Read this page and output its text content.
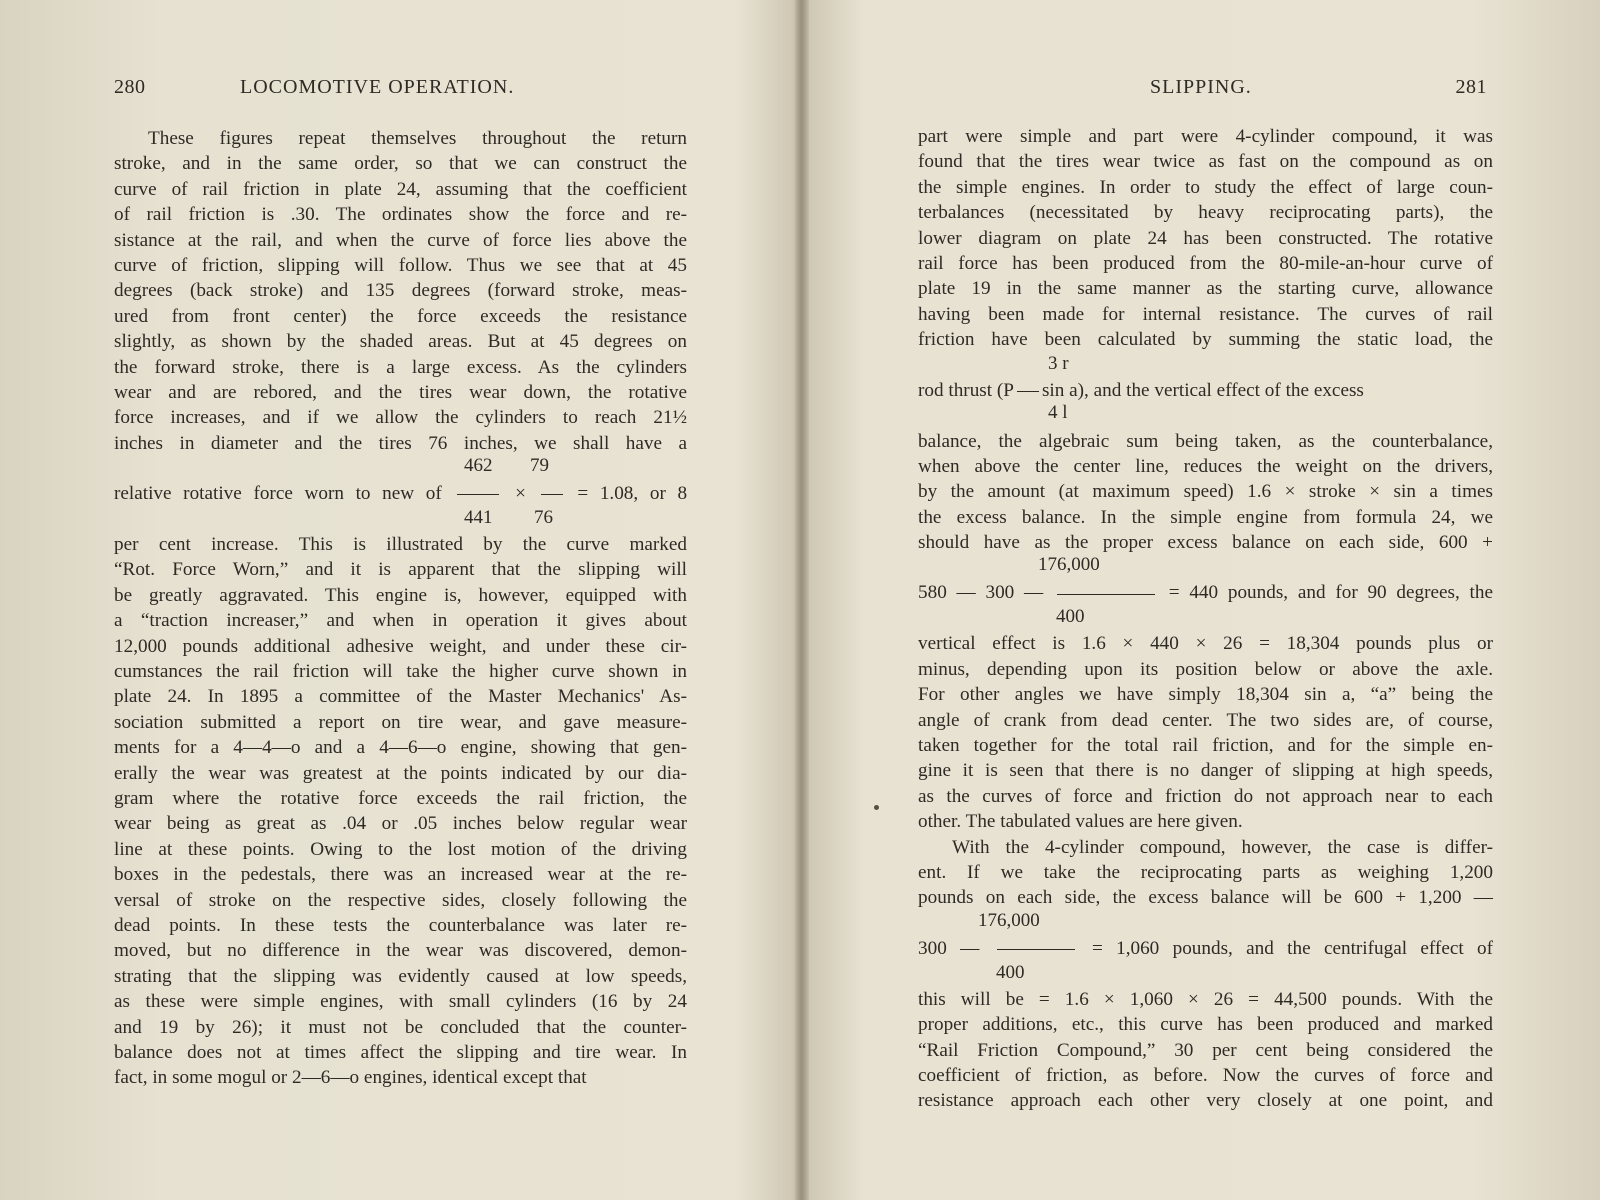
280	LOCOMOTIVE OPERATION.
These figures repeat themselves throughout the return
stroke, and in the same order, so that we can construct the
curve of rail friction in plate 24, assuming that the coefficient
of rail friction is .30. The ordinates show the force and re-
sistance at the rail, and when the curve of force lies above the
curve of friction, slipping will follow. Thus we see that at 45
degrees (back stroke) and 135 degrees (forward stroke, meas-
ured from front center) the force exceeds the resistance
slightly, as shown by the shaded areas. But at 45 degrees on
the forward stroke, there is a large excess. As the cylinders
wear and are rebored, and the tires wear down, the rotative
force increases, and if we allow the cylinders to reach 21½
inches in diameter and the tires 76 inches, we shall have a
462 79
relative rotative force worn to new of	×	= 1.08, or 8
441 76
per cent increase. This is illustrated by the curve marked
“Rot. Force Worn,” and it is apparent that the slipping will
be greatly aggravated. This engine is, however, equipped with
a “traction increaser,” and when in operation it gives about
12,000 pounds additional adhesive weight, and under these cir-
cumstances the rail friction will take the higher curve shown in
plate 24. In 1895 a committee of the Master Mechanics' As-
sociation submitted a report on tire wear, and gave measure-
ments for a 4—4—o and a 4—6—o engine, showing that gen-
erally the wear was greatest at the points indicated by our dia-
gram where the rotative force exceeds the rail friction, the
wear being as great as .04 or .05 inches below regular wear
line at these points. Owing to the lost motion of the driving
boxes in the pedestals, there was an increased wear at the re-
versal of stroke on the respective sides, closely following the
dead points. In these tests the counterbalance was later re-
moved, but no difference in the wear was discovered, demon-
strating that the slipping was evidently caused at low speeds,
as these were simple engines, with small cylinders (16 by 24
and 19 by 26); it must not be concluded that the counter-
balance does not at times affect the slipping and tire wear. In
fact, in some mogul or 2—6—o engines, identical except that
SLIPPING.	281
part were simple and part were 4-cylinder compound, it was
found that the tires wear twice as fast on the compound as on
the simple engines. In order to study the effect of large coun-
terbalances (necessitated by heavy reciprocating parts), the
lower diagram on plate 24 has been constructed. The rotative
rail force has been produced from the 80-mile-an-hour curve of
plate 19 in the same manner as the starting curve, allowance
having been made for internal resistance. The curves of rail
friction have been calculated by summing the static load, the
3 r
rod thrust (P sin a), and the vertical effect of the excess
4 l
balance, the algebraic sum being taken, as the counterbalance,
when above the center line, reduces the weight on the drivers,
by the amount (at maximum speed) 1.6 × stroke × sin a times
the excess balance. In the simple engine from formula 24, we
should have as the proper excess balance on each side, 600 +
176,000
580 — 300 —	= 440 pounds, and for 90 degrees, the
400
vertical effect is 1.6 × 440 × 26 = 18,304 pounds plus or
minus, depending upon its position below or above the axle.
For other angles we have simply 18,304 sin a, “a” being the
angle of crank from dead center. The two sides are, of course,
taken together for the total rail friction, and for the simple en-
gine it is seen that there is no danger of slipping at high speeds,
as the curves of force and friction do not approach near to each
other. The tabulated values are here given.
With the 4-cylinder compound, however, the case is differ-
ent. If we take the reciprocating parts as weighing 1,200
pounds on each side, the excess balance will be 600 + 1,200 —
176,000
300 —	= 1,060 pounds, and the centrifugal effect of
400
this will be = 1.6 × 1,060 × 26 = 44,500 pounds. With the
proper additions, etc., this curve has been produced and marked
“Rail Friction Compound,” 30 per cent being considered the
coefficient of friction, as before. Now the curves of force and
resistance approach each other very closely at one point, and
